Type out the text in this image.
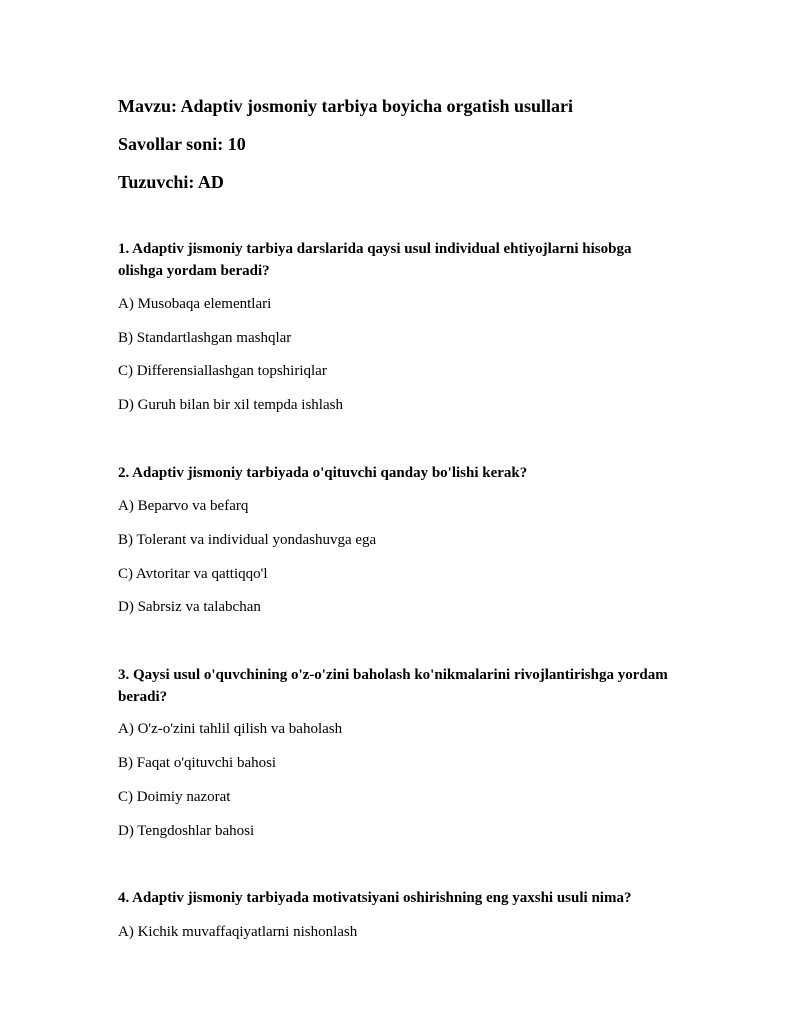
Mavzu: Adaptiv josmoniy tarbiya boyicha orgatish usullari
Savollar soni: 10
Tuzuvchi: AD
1. Adaptiv jismoniy tarbiya darslarida qaysi usul individual ehtiyojlarni hisobga olishga yordam beradi?
A) Musobaqa elementlari
B) Standartlashgan mashqlar
C) Differensiallashgan topshiriqlar
D) Guruh bilan bir xil tempda ishlash
2. Adaptiv jismoniy tarbiyada o'qituvchi qanday bo'lishi kerak?
A) Beparvo va befarq
B) Tolerant va individual yondashuvga ega
C) Avtoritar va qattiqqo'l
D) Sabrsiz va talabchan
3. Qaysi usul o'quvchining o'z-o'zini baholash ko'nikmalarini rivojlantirishga yordam beradi?
A) O'z-o'zini tahlil qilish va baholash
B) Faqat o'qituvchi bahosi
C) Doimiy nazorat
D) Tengdoshlar bahosi
4. Adaptiv jismoniy tarbiyada motivatsiyani oshirishning eng yaxshi usuli nima?
A) Kichik muvaffaqiyatlarni nishonlash
